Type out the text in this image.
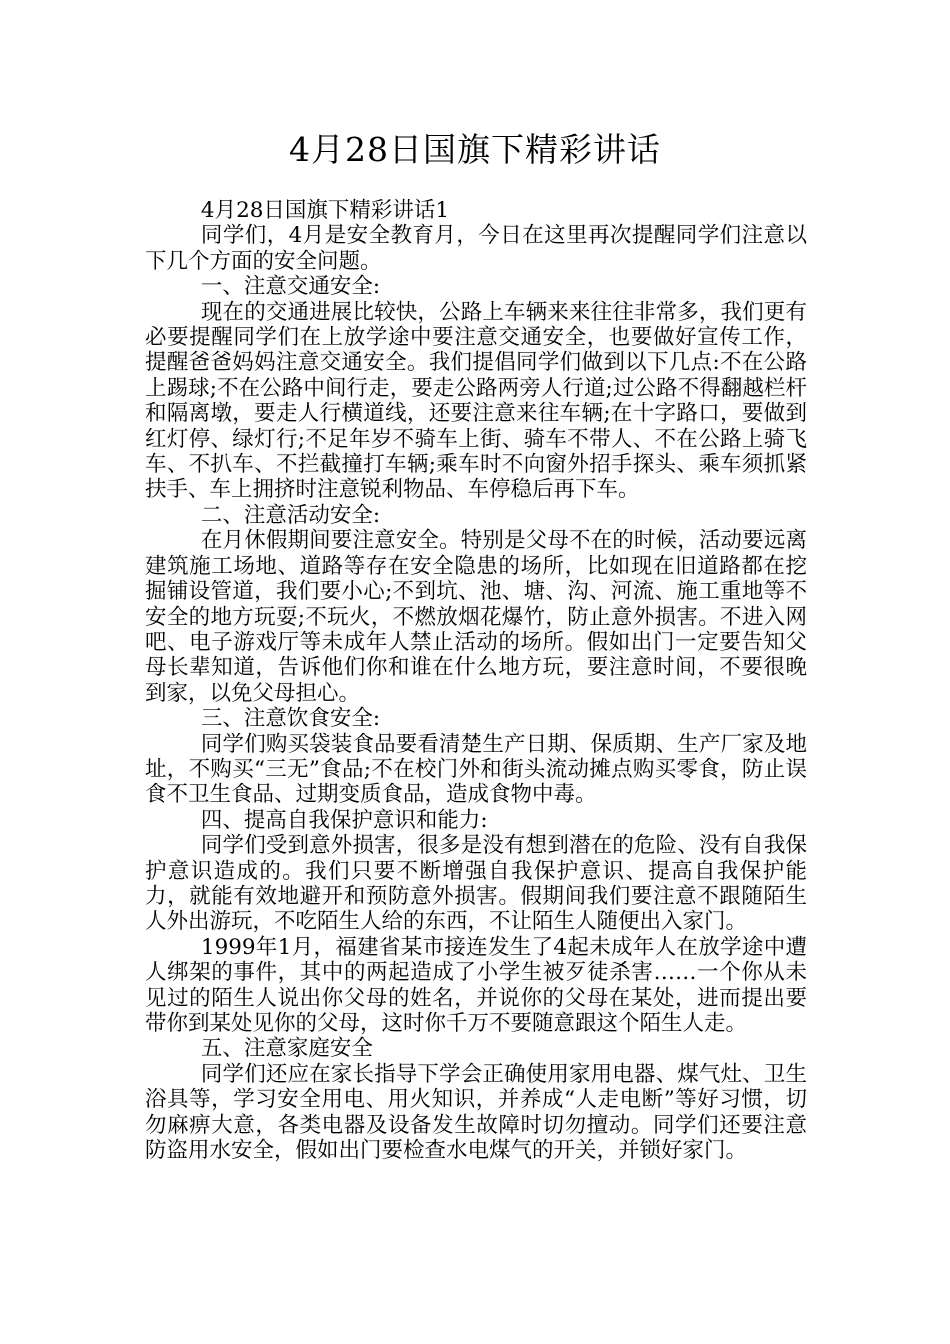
4月28日国旗下精彩讲话

4月28日国旗下精彩讲话1

同学们，4月是安全教育月，今日在这里再次提醒同学们注意以下几个方面的安全问题。

一、注意交通安全:

现在的交通进展比较快，公路上车辆来来往往非常多，我们更有必要提醒同学们在上放学途中要注意交通安全，也要做好宣传工作，提醒爸爸妈妈注意交通安全。我们提倡同学们做到以下几点:不在公路上踢球;不在公路中间行走，要走公路两旁人行道;过公路不得翻越栏杆和隔离墩，要走人行横道线，还要注意来往车辆;在十字路口，要做到红灯停、绿灯行;不足年岁不骑车上街、骑车不带人、不在公路上骑飞车、不扒车、不拦截撞打车辆;乘车时不向窗外招手探头、乘车须抓紧扶手、车上拥挤时注意锐利物品、车停稳后再下车。

二、注意活动安全:

在月休假期间要注意安全。特别是父母不在的时候，活动要远离建筑施工场地、道路等存在安全隐患的场所，比如现在旧道路都在挖掘铺设管道，我们要小心;不到坑、池、塘、沟、河流、施工重地等不安全的地方玩耍;不玩火，不燃放烟花爆竹，防止意外损害。不进入网吧、电子游戏厅等未成年人禁止活动的场所。假如出门一定要告知父母长辈知道，告诉他们你和谁在什么地方玩，要注意时间，不要很晚到家，以免父母担心。

三、注意饮食安全:

同学们购买袋装食品要看清楚生产日期、保质期、生产厂家及地址，不购买“三无”食品;不在校门外和街头流动摊点购买零食，防止误食不卫生食品、过期变质食品，造成食物中毒。

四、提高自我保护意识和能力:

同学们受到意外损害，很多是没有想到潜在的危险、没有自我保护意识造成的。我们只要不断增强自我保护意识、提高自我保护能力，就能有效地避开和预防意外损害。假期间我们要注意不跟随陌生人外出游玩，不吃陌生人给的东西，不让陌生人随便出入家门。

1999年1月，福建省某市接连发生了4起未成年人在放学途中遭人绑架的事件，其中的两起造成了小学生被歹徒杀害……一个你从未见过的陌生人说出你父母的姓名，并说你的父母在某处，进而提出要带你到某处见你的父母，这时你千万不要随意跟这个陌生人走。

五、注意家庭安全

同学们还应在家长指导下学会正确使用家用电器、煤气灶、卫生浴具等，学习安全用电、用火知识，并养成“人走电断”等好习惯，切勿麻痹大意，各类电器及设备发生故障时切勿擅动。同学们还要注意防盗用水安全，假如出门要检查水电煤气的开关，并锁好家门。
